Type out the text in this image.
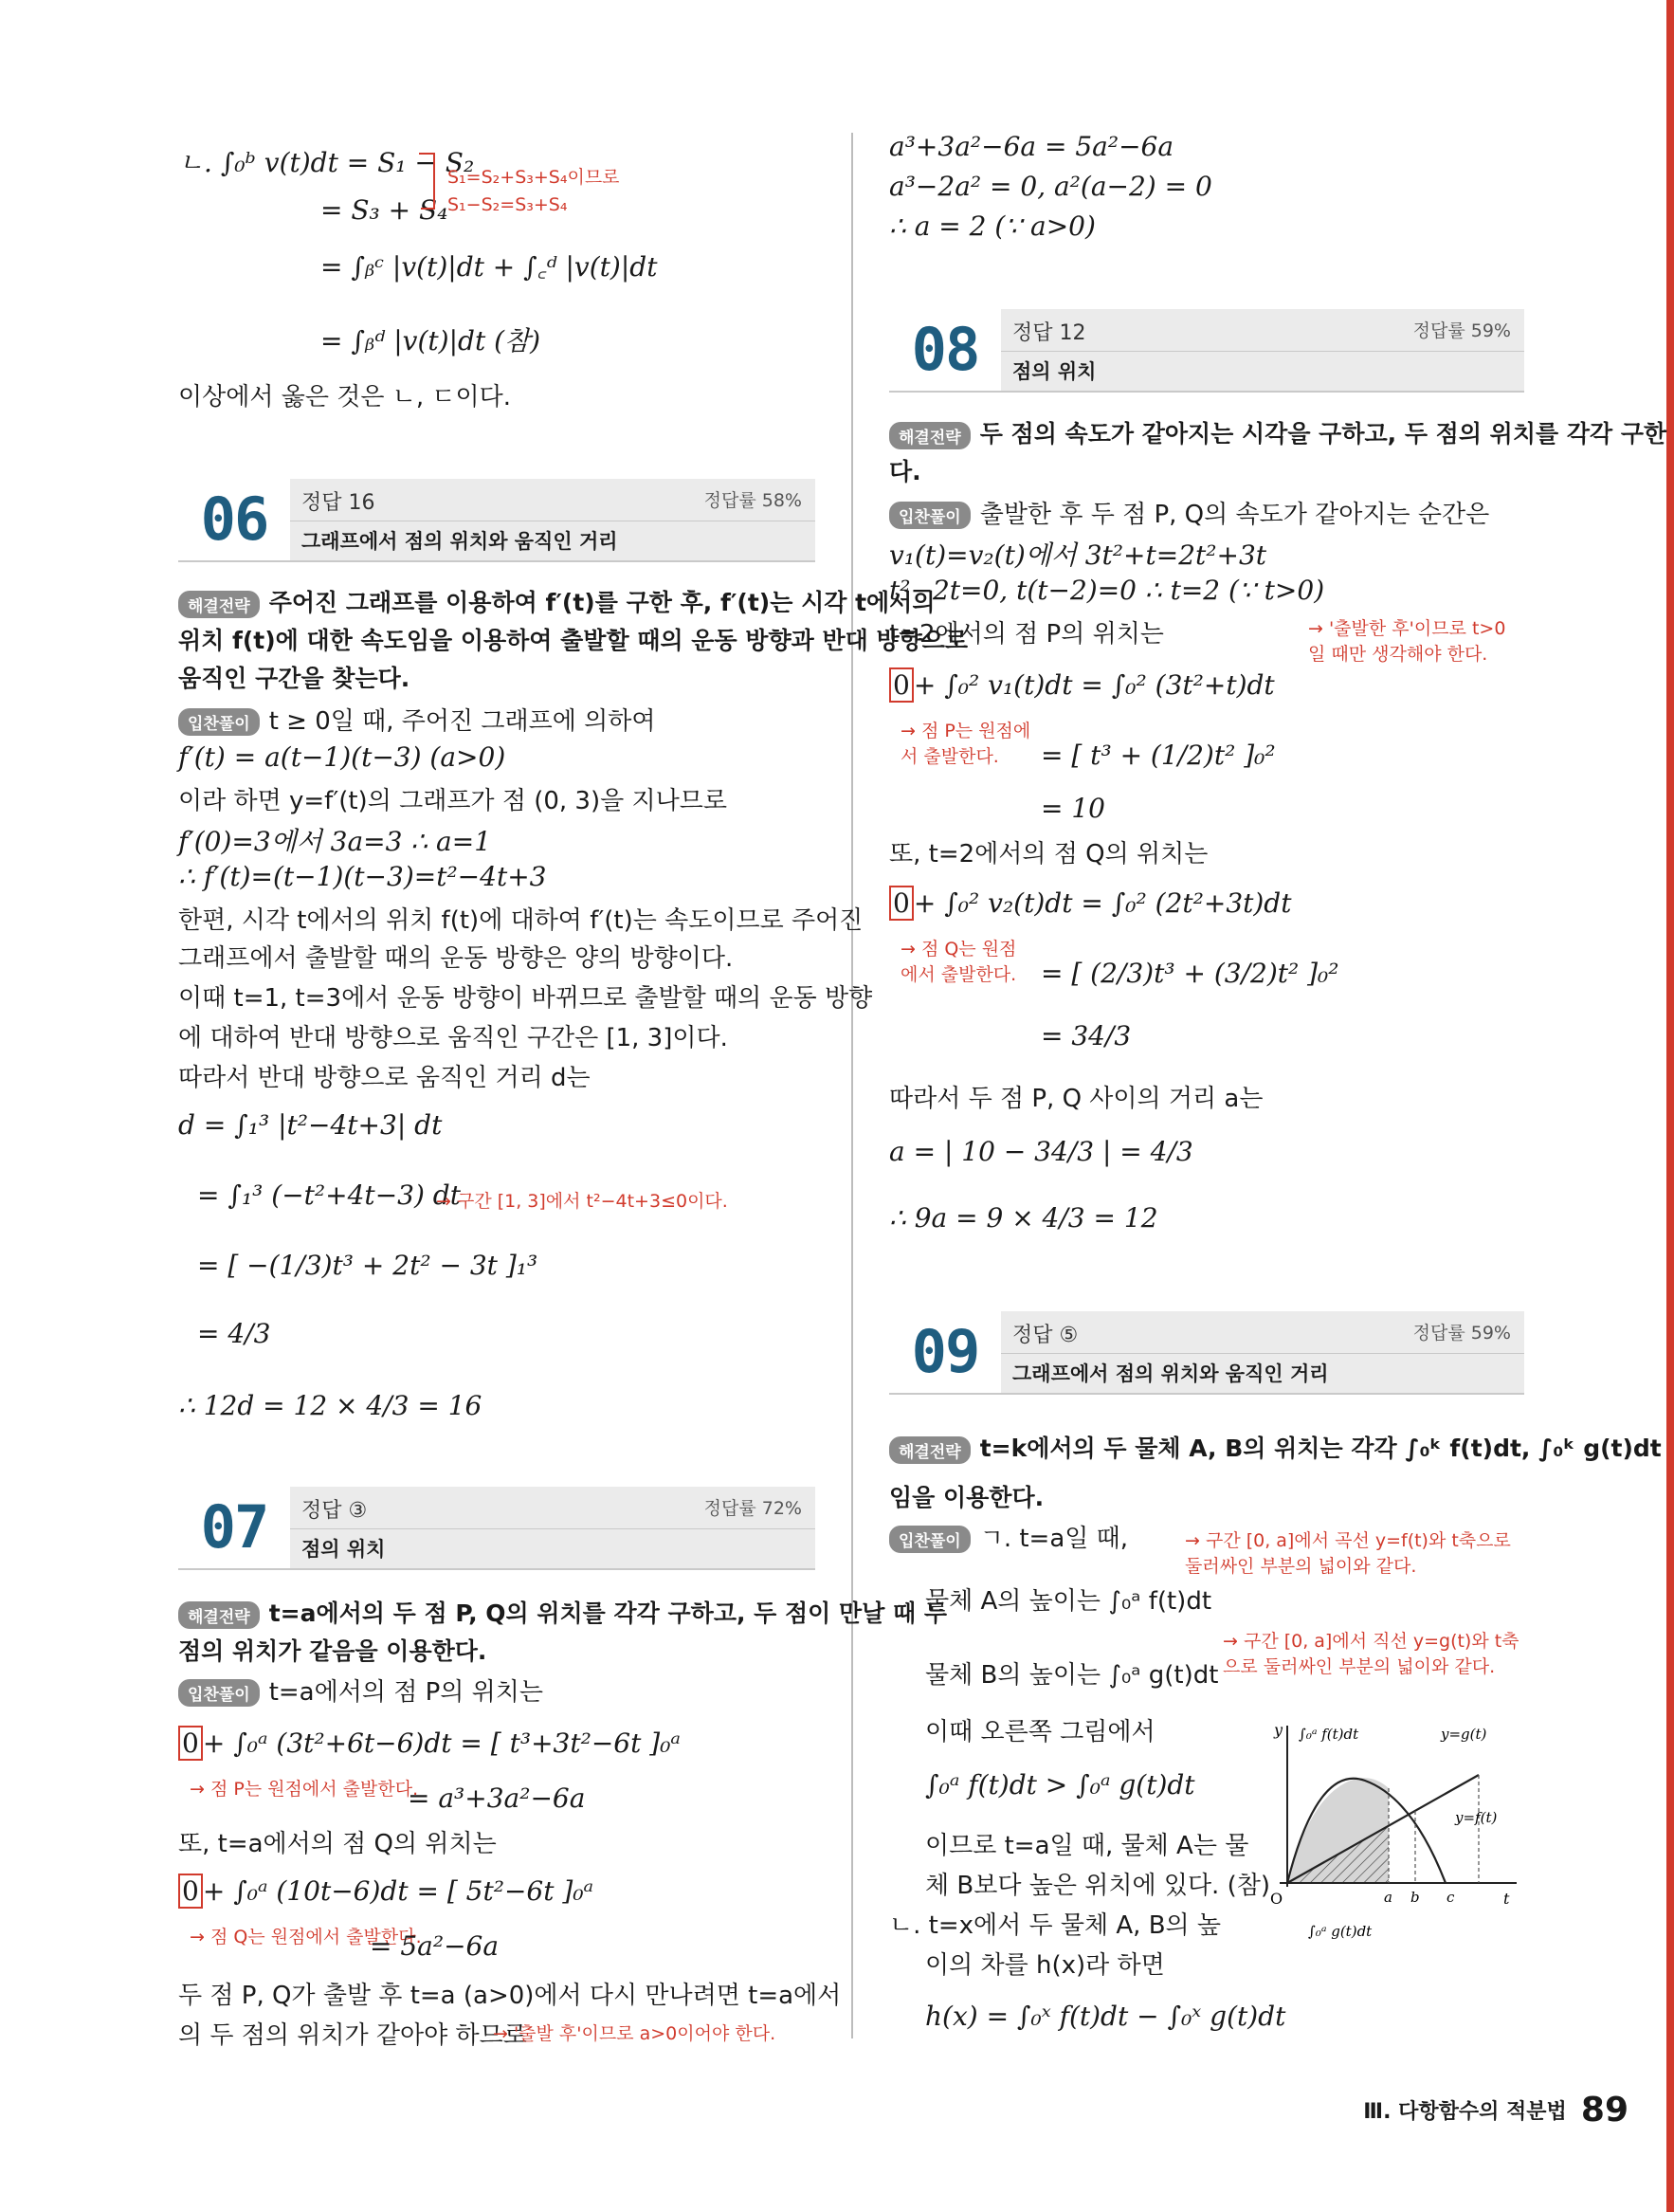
ㄴ. ∫₀ᵇ v(t)dt = S₁ − S₂
= S₃ + S₄
S₁=S₂+S₃+S₄이므로
S₁−S₂=S₃+S₄
= ∫ᵦᶜ |v(t)|dt + ∫꜀ᵈ |v(t)|dt
= ∫ᵦᵈ |v(t)|dt (참)
이상에서 옳은 것은 ㄴ, ㄷ이다.
06	정답 16	정답률 58%
그래프에서 점의 위치와 움직인 거리
해결전략 주어진 그래프를 이용하여 f′(t)를 구한 후, f′(t)는 시각 t에서의
위치 f(t)에 대한 속도임을 이용하여 출발할 때의 운동 방향과 반대 방향으로
움직인 구간을 찾는다.
입찬풀이 t ≥ 0일 때, 주어진 그래프에 의하여
f′(t) = a(t−1)(t−3) (a>0)
이라 하면 y=f′(t)의 그래프가 점 (0, 3)을 지나므로
f′(0)=3에서 3a=3 ∴ a=1
∴ f′(t)=(t−1)(t−3)=t²−4t+3
한편, 시각 t에서의 위치 f(t)에 대하여 f′(t)는 속도이므로 주어진
그래프에서 출발할 때의 운동 방향은 양의 방향이다.
이때 t=1, t=3에서 운동 방향이 바뀌므로 출발할 때의 운동 방향
에 대하여 반대 방향으로 움직인 구간은 [1, 3]이다.
따라서 반대 방향으로 움직인 거리 d는
d = ∫₁³ |t²−4t+3| dt
= ∫₁³ (−t²+4t−3) dt
→ 구간 [1, 3]에서 t²−4t+3≤0이다.
= [ −(1/3)t³ + 2t² − 3t ]₁³
= 4/3
∴ 12d = 12 × 4/3 = 16
07	정답 ③	정답률 72%
점의 위치
해결전략 t=a에서의 두 점 P, Q의 위치를 각각 구하고, 두 점이 만날 때 두
점의 위치가 같음을 이용한다.
입찬풀이 t=a에서의 점 P의 위치는
0 + ∫₀ᵃ (3t²+6t−6)dt = [ t³+3t²−6t ]₀ᵃ
→ 점 P는 원점에서 출발한다.
= a³+3a²−6a
또, t=a에서의 점 Q의 위치는
0 + ∫₀ᵃ (10t−6)dt = [ 5t²−6t ]₀ᵃ
→ 점 Q는 원점에서 출발한다.
= 5a²−6a
두 점 P, Q가 출발 후 t=a (a>0)에서 다시 만나려면 t=a에서
의 두 점의 위치가 같아야 하므로
→ '출발 후'이므로 a>0이어야 한다.
a³+3a²−6a = 5a²−6a
a³−2a² = 0, a²(a−2) = 0
∴ a = 2 (∵ a>0)
08	정답 12	정답률 59%
점의 위치
해결전략 두 점의 속도가 같아지는 시각을 구하고, 두 점의 위치를 각각 구한
다.
입찬풀이 출발한 후 두 점 P, Q의 속도가 같아지는 순간은
v₁(t)=v₂(t)에서 3t²+t=2t²+3t
t²−2t=0, t(t−2)=0 ∴ t=2 (∵ t>0)
→ '출발한 후'이므로 t>0일 때만 생각해야 한다.
t=2에서의 점 P의 위치는
0 + ∫₀² v₁(t)dt = ∫₀² (3t²+t)dt
→ 점 P는 원점에서 출발한다.	= [ t³ + (1/2)t² ]₀²
= 10
또, t=2에서의 점 Q의 위치는
0 + ∫₀² v₂(t)dt = ∫₀² (2t²+3t)dt
→ 점 Q는 원점에서 출발한다. = [ (2/3)t³ + (3/2)t² ]₀²
= 34/3
따라서 두 점 P, Q 사이의 거리 a는
a = | 10 − 34/3 | = 4/3
∴ 9a = 9 × 4/3 = 12
09	정답 ⑤	정답률 59%
그래프에서 점의 위치와 움직인 거리
해결전략 t=k에서의 두 물체 A, B의 위치는 각각 ∫₀ᵏ f(t)dt, ∫₀ᵏ g(t)dt
임을 이용한다.
입찬풀이 ㄱ. t=a일 때,	→ 구간 [0, a]에서 곡선 y=f(t)와 t축으로 둘러싸인 부분의 넓이와 같다.
물체 A의 높이는 ∫₀ᵃ f(t)dt
→ 구간 [0, a]에서 직선 y=g(t)와 t축으로 둘러싸인 부분의 넓이와 같다.
물체 B의 높이는 ∫₀ᵃ g(t)dt
이때 오른쪽 그림에서
∫₀ᵃ f(t)dt > ∫₀ᵃ g(t)dt
이므로 t=a일 때, 물체 A는 물
체 B보다 높은 위치에 있다. (참)
ㄴ. t=x에서 두 물체 A, B의 높
이의 차를 h(x)라 하면
h(x) = ∫₀ˣ f(t)dt − ∫₀ˣ g(t)dt
y
t
O	a b c
∫₀ᵃ f(t)dt
∫₀ᵃ g(t)dt
y=g(t)
y=f(t)
Ⅲ. 다항함수의 적분법 89
